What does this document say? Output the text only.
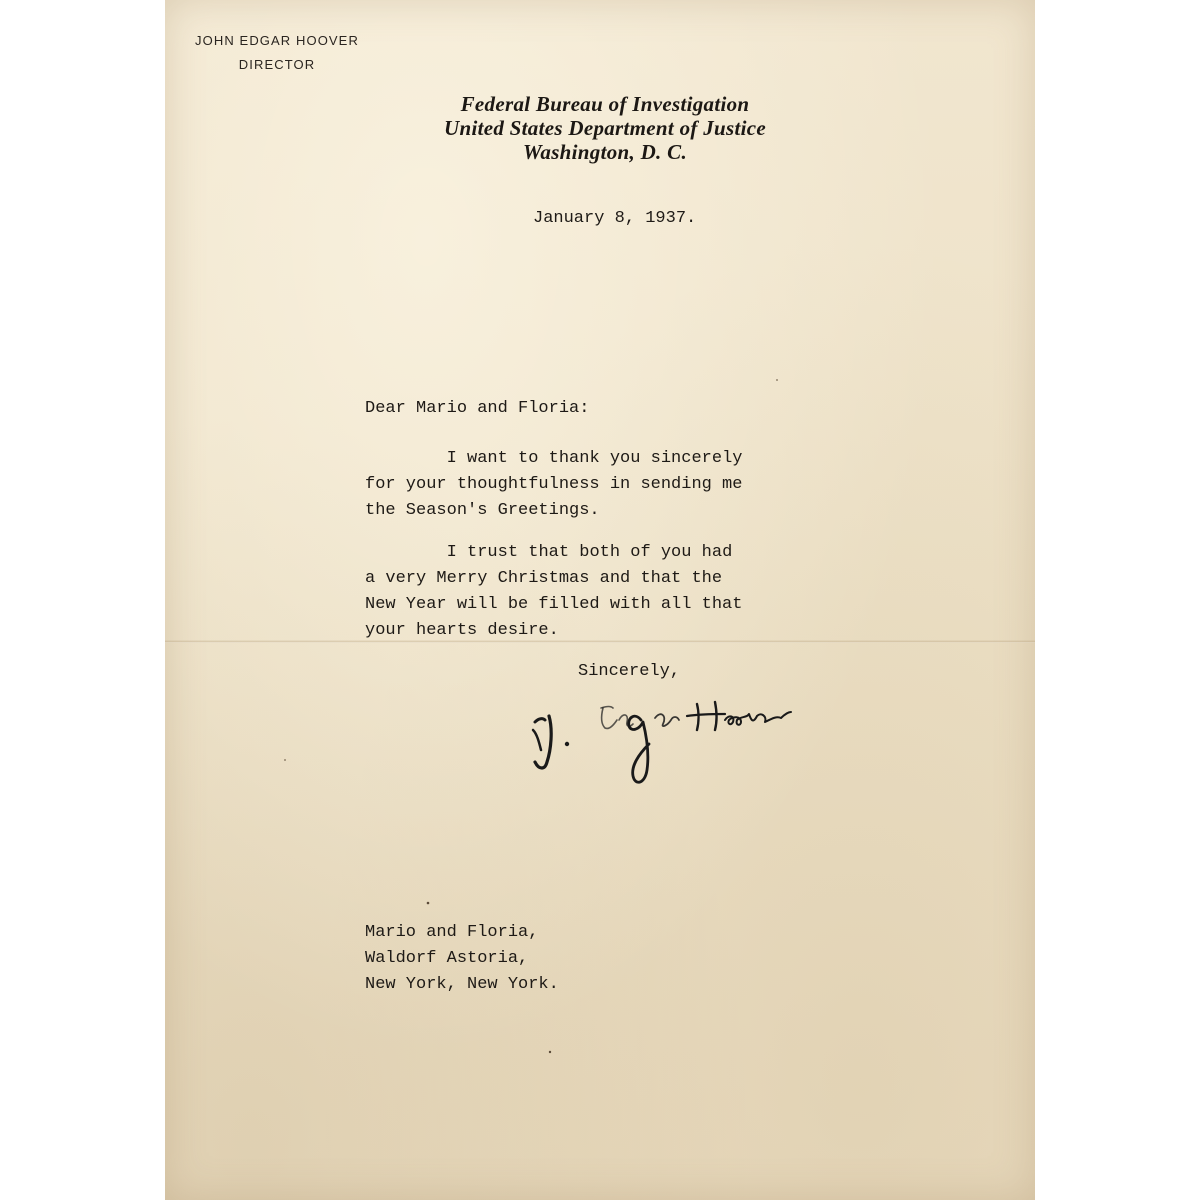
JOHN EDGAR HOOVER
DIRECTOR
Federal Bureau of Investigation
United States Department of Justice
Washington, D. C.
January 8, 1937.
Dear Mario and Floria:
I want to thank you sincerely
for your thoughtfulness in sending me
the Season's Greetings.
I trust that both of you had
a very Merry Christmas and that the
New Year will be filled with all that
your hearts desire.
Sincerely,
Mario and Floria,
Waldorf Astoria,
New York, New York.
